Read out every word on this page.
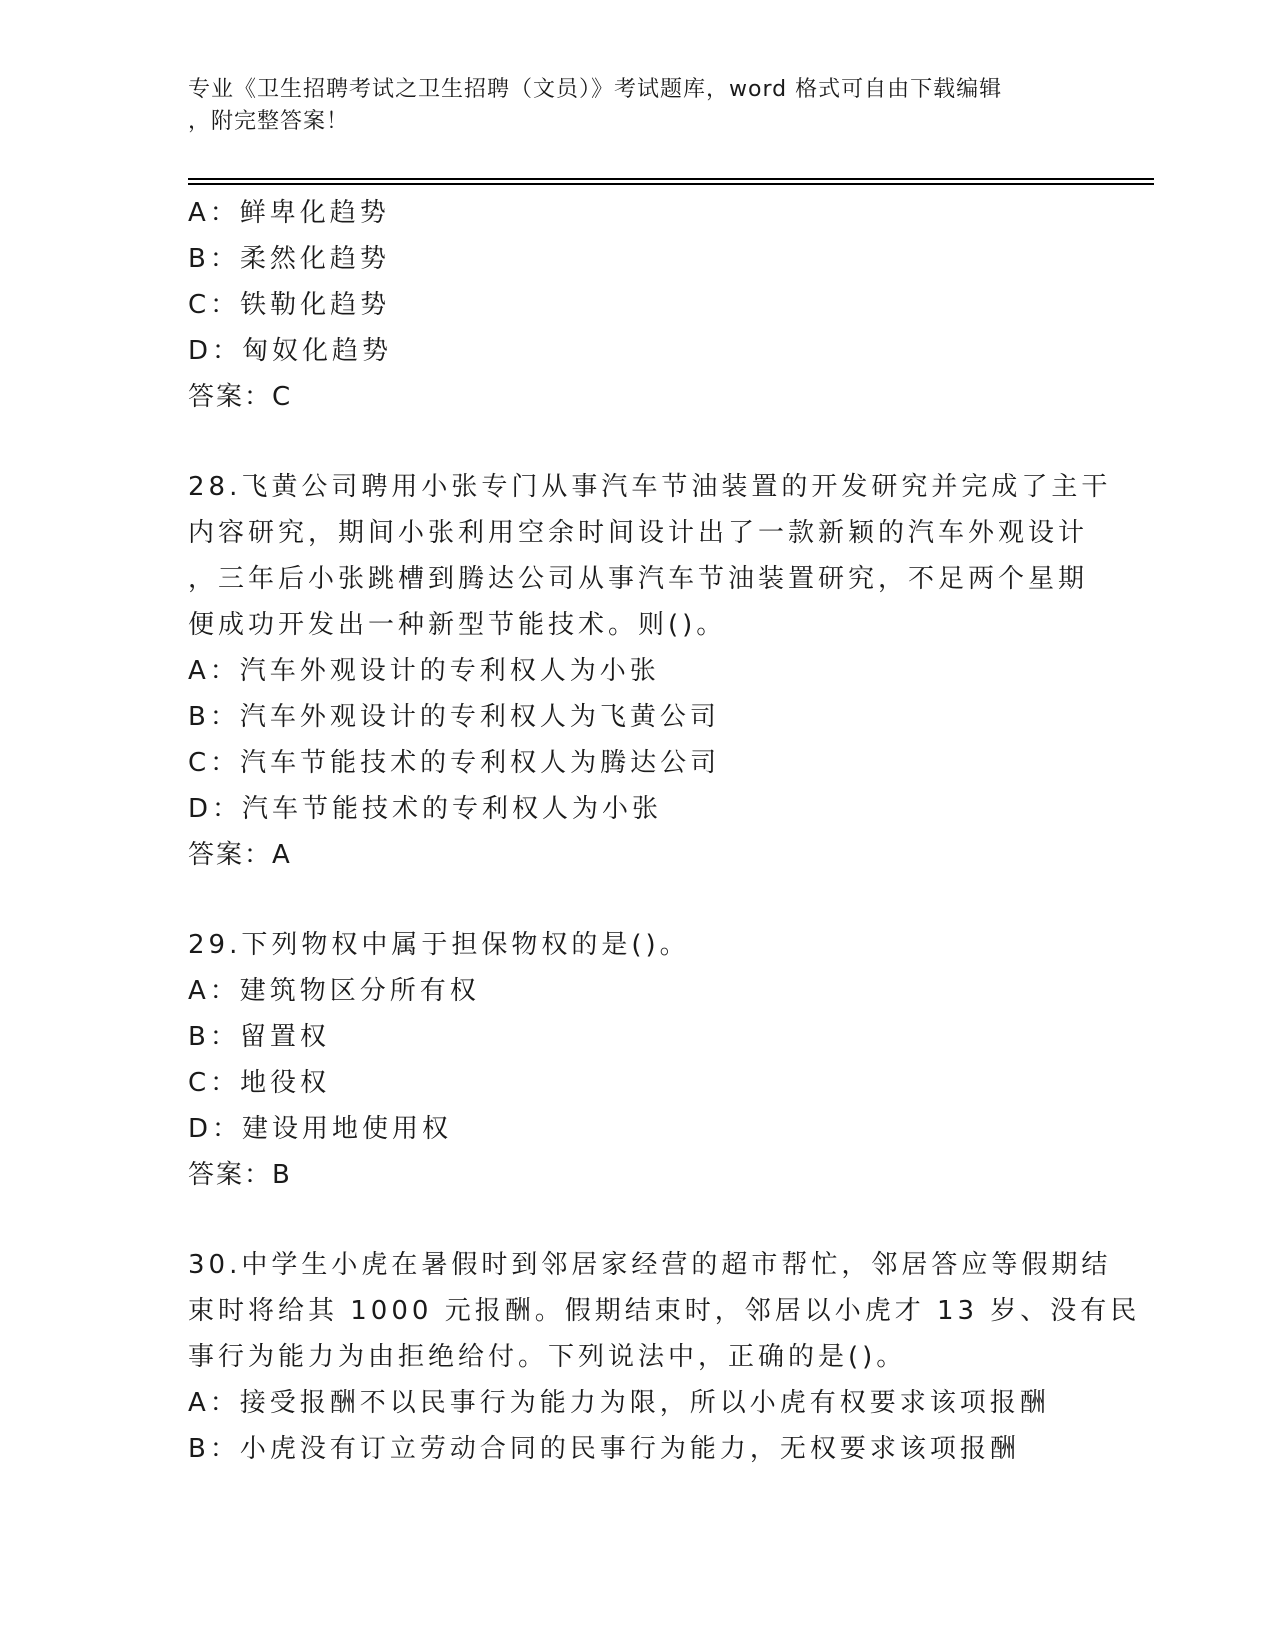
专业《卫生招聘考试之卫生招聘（文员）》考试题库，word 格式可自由下载编辑
，附完整答案！
A：鲜卑化趋势
B：柔然化趋势
C：铁勒化趋势
D：匈奴化趋势
答案：C
28.飞黄公司聘用小张专门从事汽车节油装置的开发研究并完成了主干
内容研究，期间小张利用空余时间设计出了一款新颖的汽车外观设计
，三年后小张跳槽到腾达公司从事汽车节油装置研究，不足两个星期
便成功开发出一种新型节能技术。则()。
A：汽车外观设计的专利权人为小张
B：汽车外观设计的专利权人为飞黄公司
C：汽车节能技术的专利权人为腾达公司
D：汽车节能技术的专利权人为小张
答案：A
29.下列物权中属于担保物权的是()。
A：建筑物区分所有权
B：留置权
C：地役权
D：建设用地使用权
答案：B
30.中学生小虎在暑假时到邻居家经营的超市帮忙，邻居答应等假期结
束时将给其 1000 元报酬。假期结束时，邻居以小虎才 13 岁、没有民
事行为能力为由拒绝给付。下列说法中，正确的是()。
A：接受报酬不以民事行为能力为限，所以小虎有权要求该项报酬
B：小虎没有订立劳动合同的民事行为能力，无权要求该项报酬
